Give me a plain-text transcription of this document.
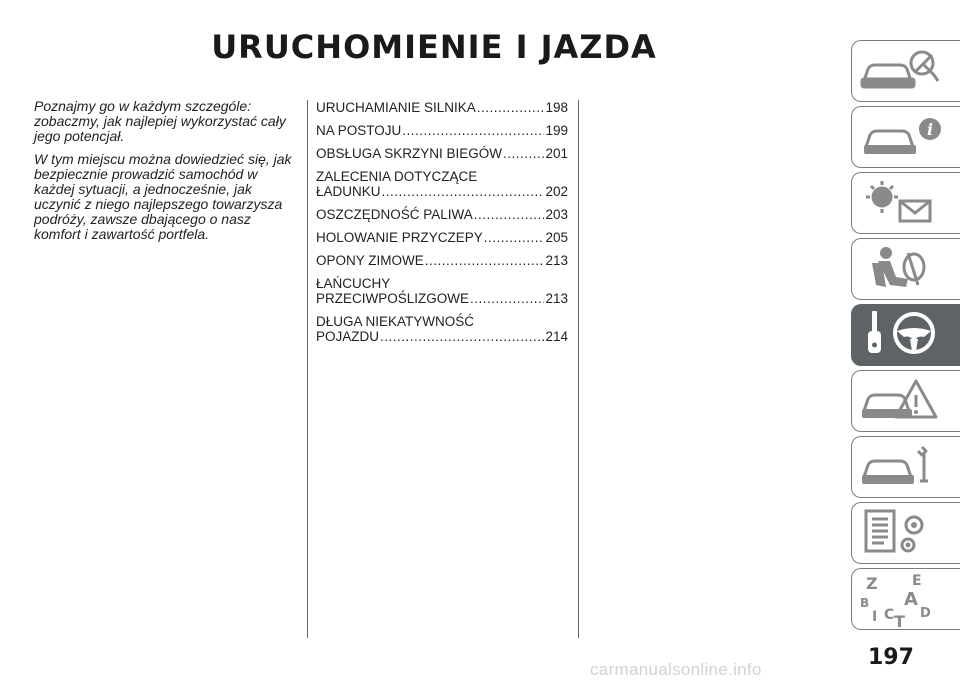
URUCHOMIENIE I JAZDA

Poznajmy go w każdym szczególe: zobaczmy, jak najlepiej wykorzystać cały jego potencjał.

W tym miejscu można dowiedzieć się, jak bezpiecznie prowadzić samochód w każdej sytuacji, a jednocześnie, jak uczynić z niego najlepszego towarzysza podróży, zawsze dbającego o nasz komfort i zawartość portfela.

URUCHAMIANIE SILNIKA .....	198
NA POSTOJU .....	199
OBSŁUGA SKRZYNI BIEGÓW .....	201
ZALECENIA DOTYCZĄCE
ŁADUNKU .....	202
OSZCZĘDNOŚĆ PALIWA .....	203
HOLOWANIE PRZYCZEPY .....	205
OPONY ZIMOWE .....	213
ŁAŃCUCHY
PRZECIWPOŚLIZGOWE .....	213
DŁUGA NIEKATYWNOŚĆ
POJAZDU .....	214
i
Z E
B A
I C T D
197
carmanualsonline.info
